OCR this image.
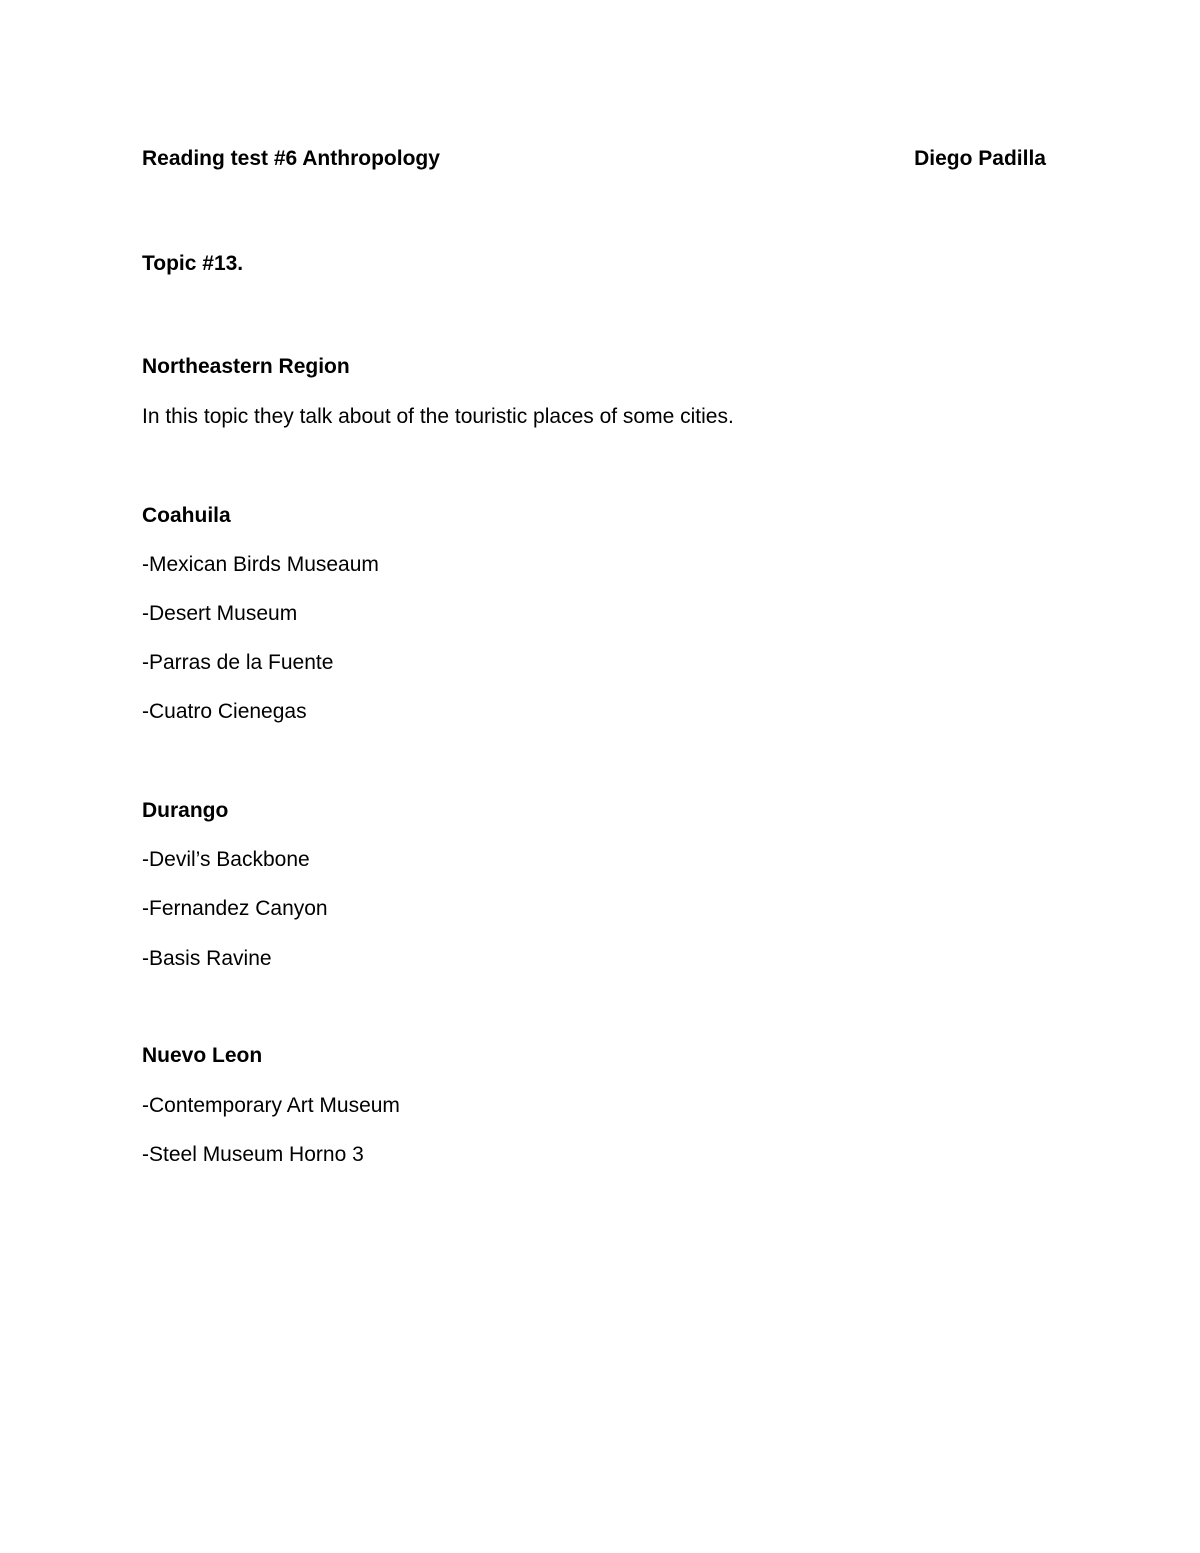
Reading test #6 Anthropology	Diego Padilla
Topic #13.
Northeastern Region
In this topic they talk about of the touristic places of some cities.
Coahuila
-Mexican Birds Museaum
-Desert Museum
-Parras de la Fuente
-Cuatro Cienegas
Durango
-Devil’s Backbone
-Fernandez Canyon
-Basis Ravine
Nuevo Leon
-Contemporary Art Museum
-Steel Museum Horno 3
